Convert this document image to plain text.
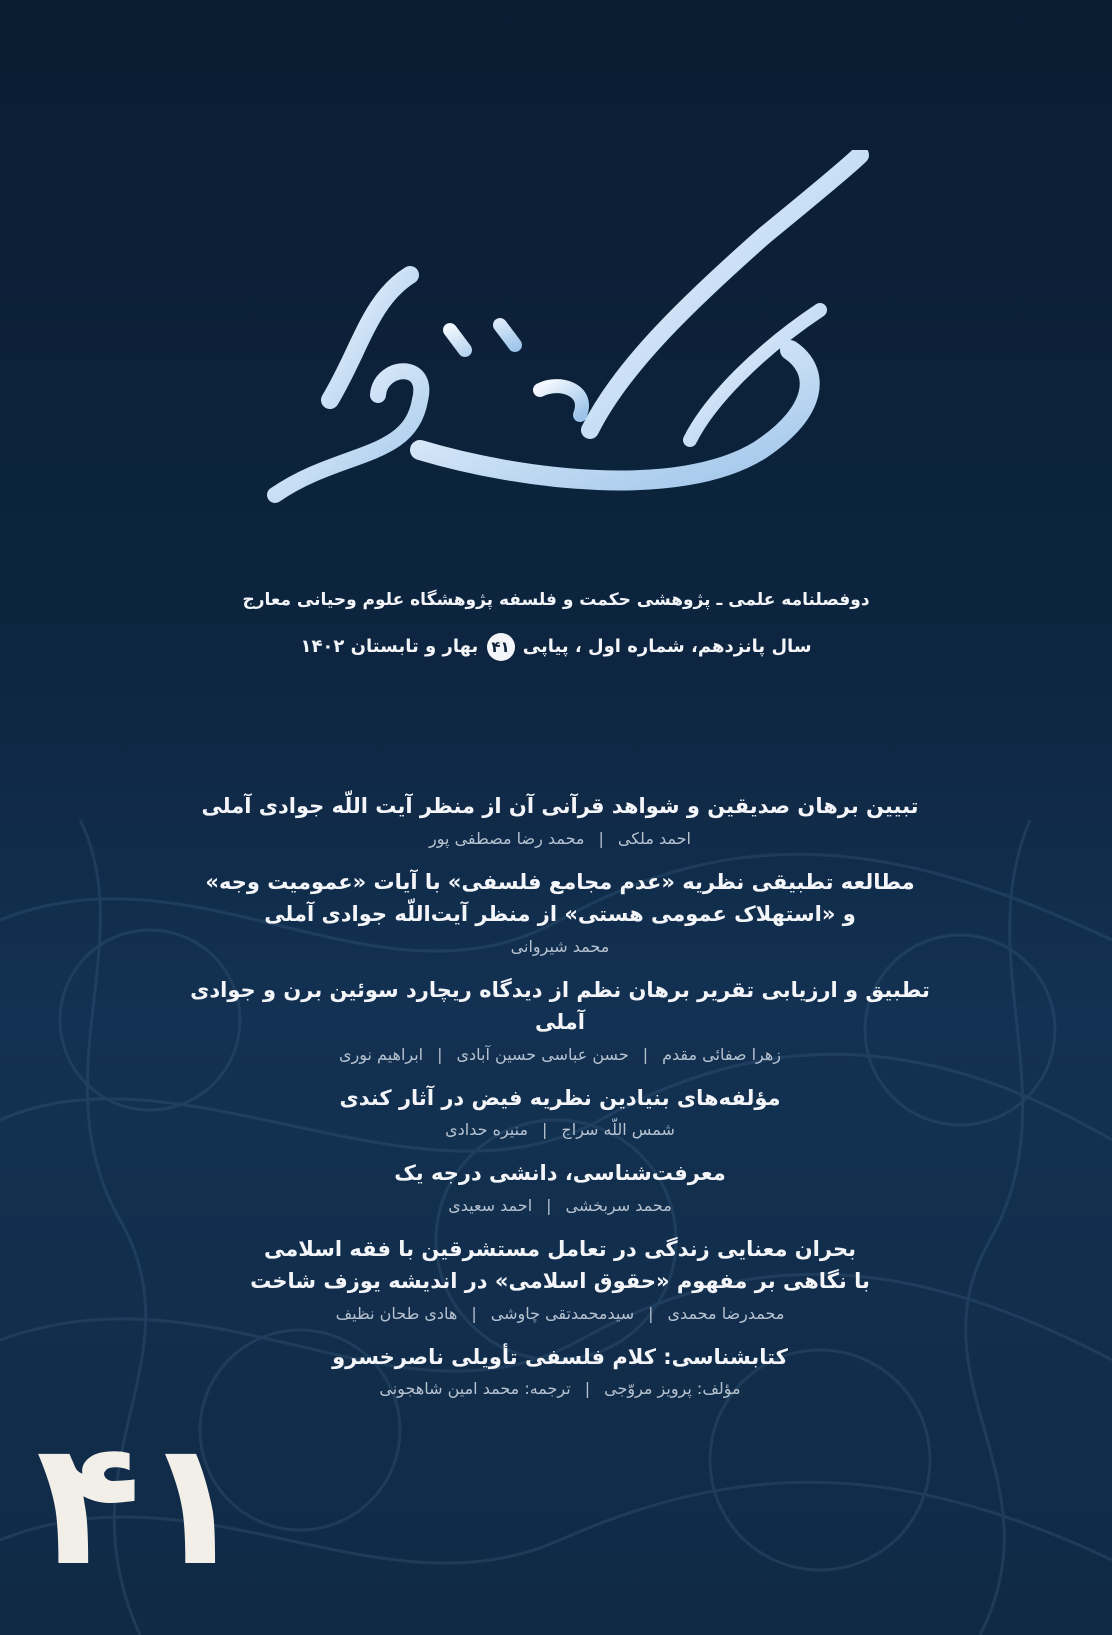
دوفصلنامه علمی ـ پژوهشی حکمت و فلسفه پژوهشگاه علوم وحیانی معارج
سال پانزدهم، شماره اول ، پیاپی ۴۱ بهار و تابستان ۱۴۰۲

تبیین برهان صدیقین و شواهد قرآنی آن از منظر آیت اللّه جوادی آملی

احمد ملکی|محمد رضا مصطفی پور

مطالعه تطبیقی نظریه «عدم مجامع فلسفی» با آیات «عمومیت وجه»

و «استهلاک عمومی هستی» از منظر آیت‌اللّه جوادی آملی

محمد شیروانی

تطبیق و ارزیابی تقریر برهان نظم از دیدگاه ریچارد سوئین برن و جوادی آملی

زهرا صفائی مقدم|حسن عباسی حسین آبادی|ابراهیم نوری

مؤلفه‌های بنیادین نظریه فیض در آثار کندی

شمس اللّه سراج|منیره حدادی

معرفت‌شناسی، دانشی درجه یک

محمد سربخشی|احمد سعیدی

بحران معنایی زندگی در تعامل مستشرقین با فقه اسلامی

با نگاهی بر مفهوم «حقوق اسلامی» در اندیشه یوزف شاخت

محمدرضا محمدی|سیدمحمدتقی چاوشی|هادی طحان نظیف

کتابشناسی: کلام فلسفی تأویلی ناصرخسرو

مؤلف: پرویز مروّجی|ترجمه: محمد امین شاهجونی
۴۱
